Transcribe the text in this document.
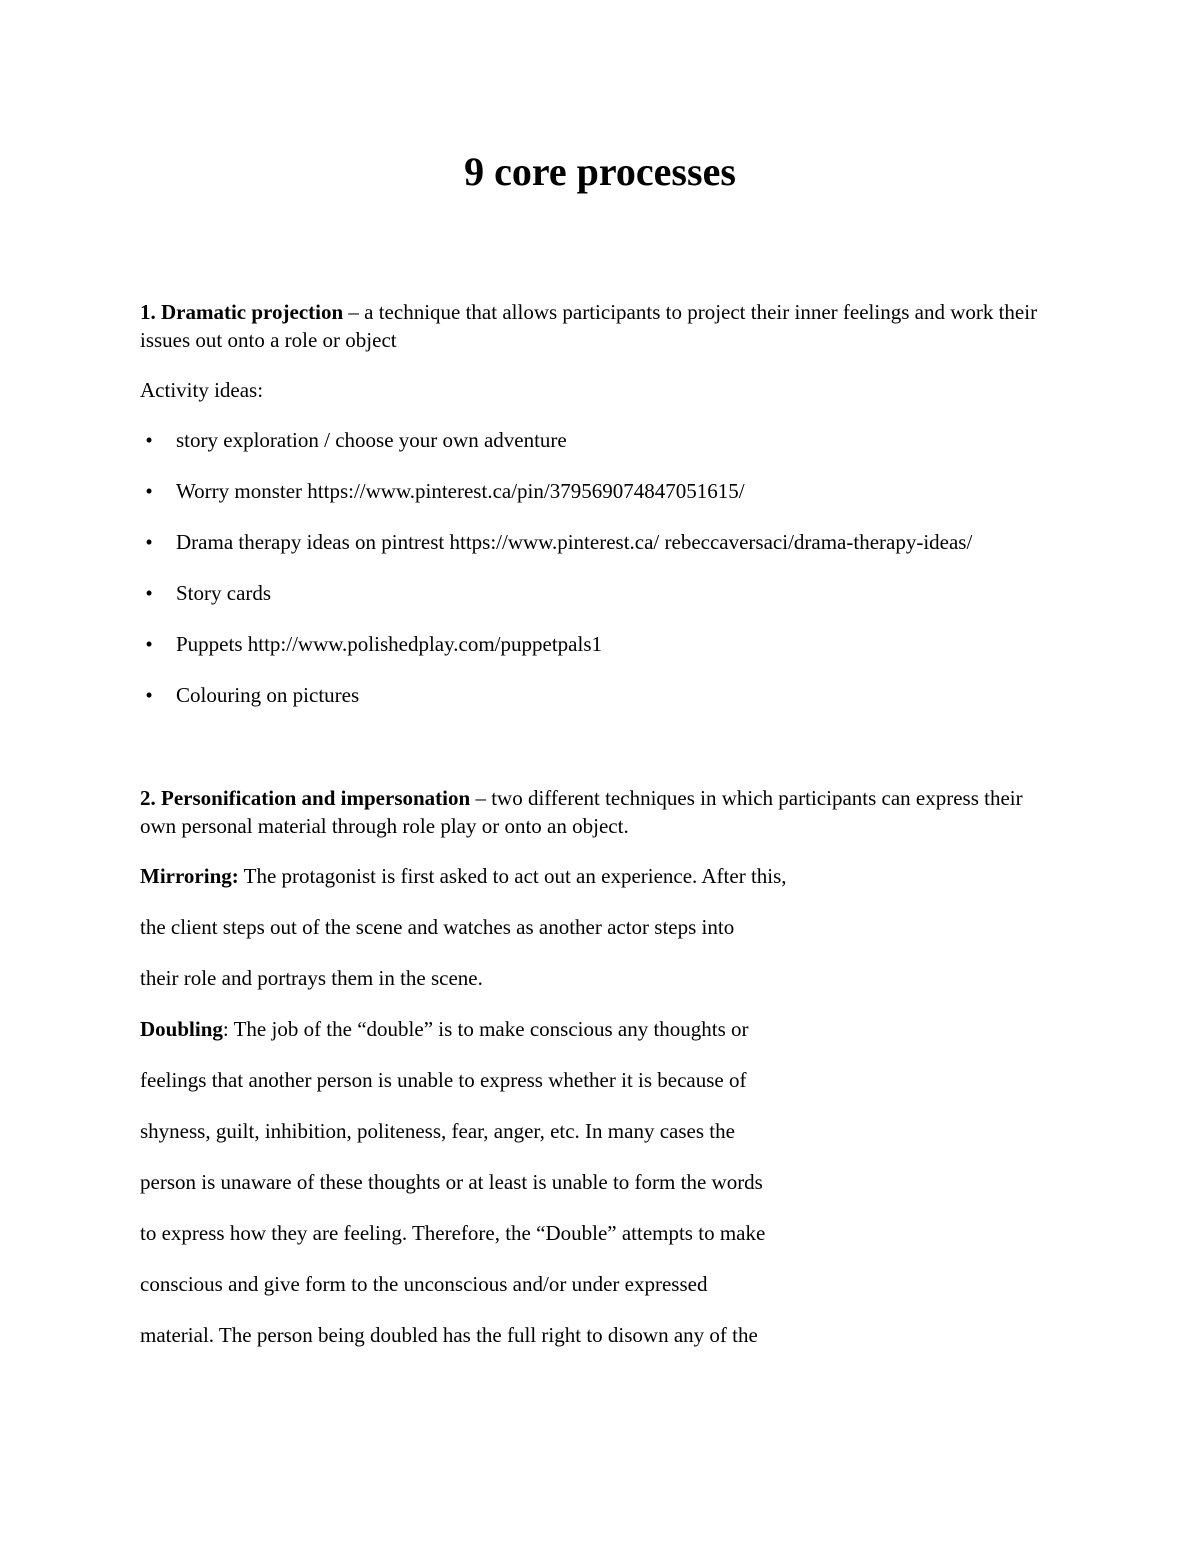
9 core processes

1. Dramatic projection – a technique that allows participants to project their inner feelings and work their issues out onto a role or object

Activity ideas:

• story exploration / choose your own adventure
• Worry monster https://www.pinterest.ca/pin/379569074847051615/
• Drama therapy ideas on pintrest https://www.pinterest.ca/ rebeccaversaci/drama-therapy-ideas/
• Story cards
• Puppets http://www.polishedplay.com/puppetpals1
• Colouring on pictures

2. Personification and impersonation – two different techniques in which participants can express their own personal material through role play or onto an object.

Mirroring: The protagonist is first asked to act out an experience. After this,

the client steps out of the scene and watches as another actor steps into

their role and portrays them in the scene.

Doubling: The job of the “double” is to make conscious any thoughts or

feelings that another person is unable to express whether it is because of

shyness, guilt, inhibition, politeness, fear, anger, etc. In many cases the

person is unaware of these thoughts or at least is unable to form the words

to express how they are feeling. Therefore, the “Double” attempts to make

conscious and give form to the unconscious and/or under expressed

material. The person being doubled has the full right to disown any of the
